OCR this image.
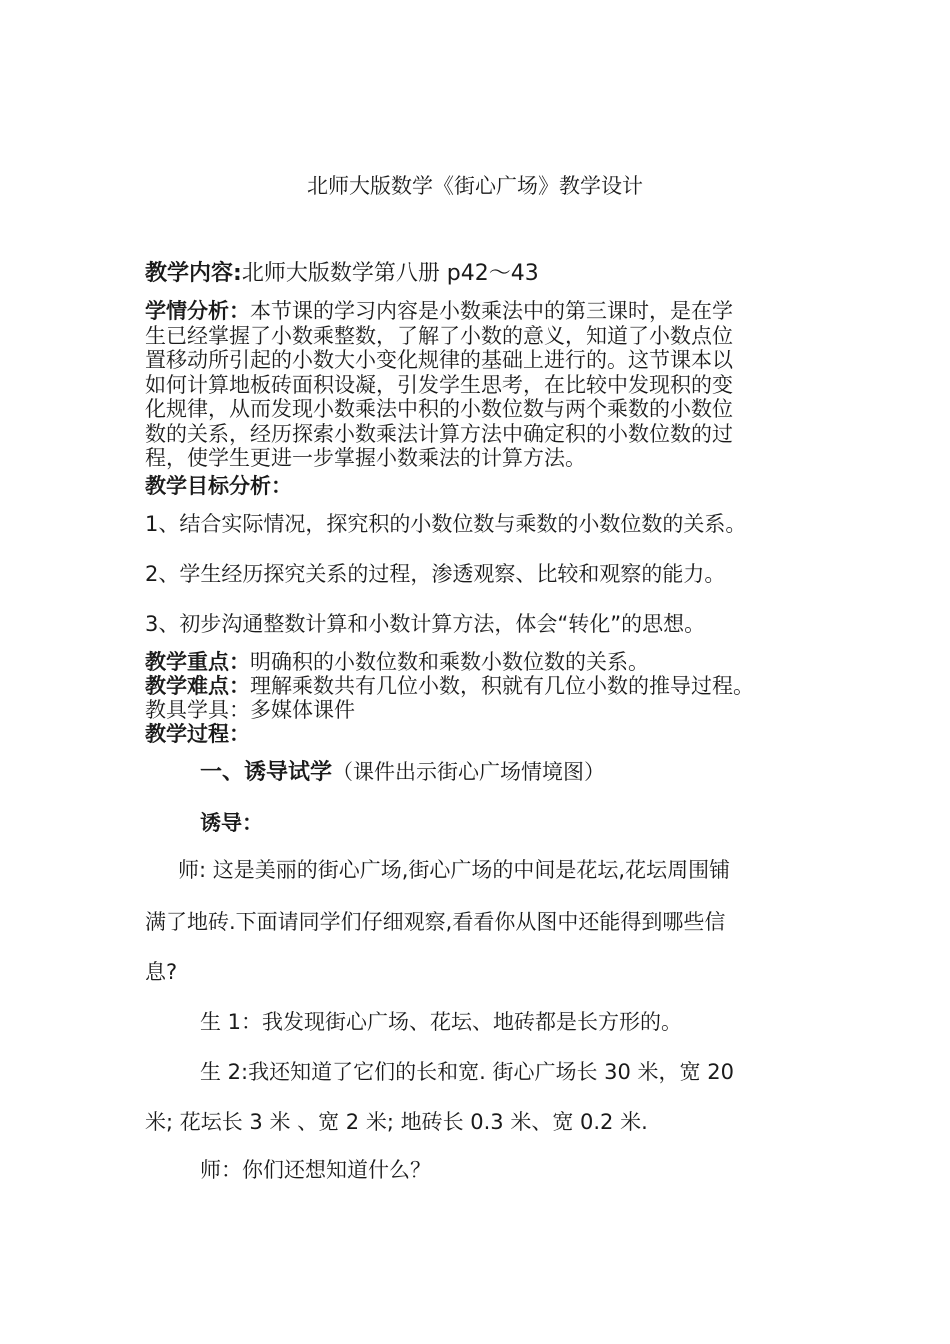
北师大版数学《街心广场》教学设计
教学内容:北师大版数学第八册 p42～43
学情分析：本节课的学习内容是小数乘法中的第三课时，是在学
生已经掌握了小数乘整数，了解了小数的意义，知道了小数点位
置移动所引起的小数大小变化规律的基础上进行的。这节课本以
如何计算地板砖面积设凝，引发学生思考，在比较中发现积的变
化规律，从而发现小数乘法中积的小数位数与两个乘数的小数位
数的关系，经历探索小数乘法计算方法中确定积的小数位数的过
程，使学生更进一步掌握小数乘法的计算方法。
教学目标分析：
1、结合实际情况，探究积的小数位数与乘数的小数位数的关系。
2、学生经历探究关系的过程，渗透观察、比较和观察的能力。
3、初步沟通整数计算和小数计算方法，体会“转化”的思想。
教学重点：明确积的小数位数和乘数小数位数的关系。
教学难点：理解乘数共有几位小数，积就有几位小数的推导过程。
教具学具：多媒体课件
教学过程：
一、诱导试学（课件出示街心广场情境图）
诱导：
师: 这是美丽的街心广场,街心广场的中间是花坛,花坛周围铺
满了地砖.下面请同学们仔细观察,看看你从图中还能得到哪些信
息?
生 1：我发现街心广场、花坛、地砖都是长方形的。
生 2:我还知道了它们的长和宽. 街心广场长 30 米，宽 20
米; 花坛长 3 米 、宽 2 米; 地砖长 0.3 米、宽 0.2 米.
师：你们还想知道什么？
